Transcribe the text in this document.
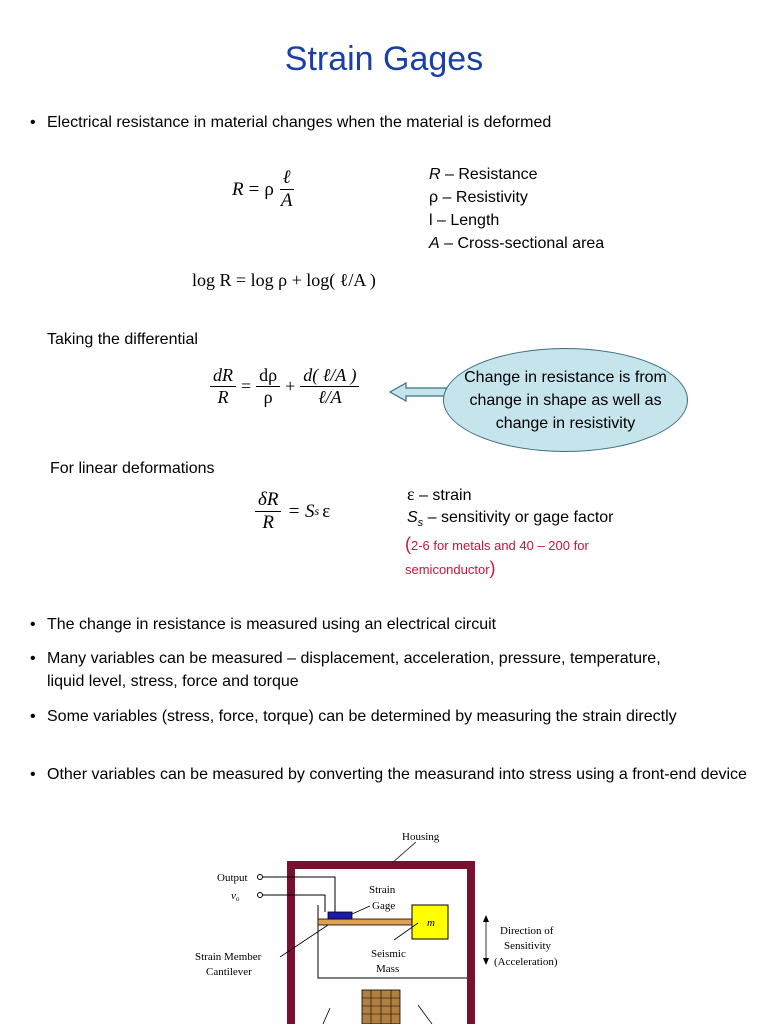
Strain Gages
• Electrical resistance in material changes when the material is deformed
R = ρ $\frac{\text{ℓ}}{A}$	R – Resistance
ρ – Resistivity
l – Length
A – Cross-sectional area
log R = log ρ + log( ℓ/A )
Taking the differential
$\frac{dR}{R} = \frac{d\rho}{\rho} + \frac{\text{d( ℓ/A )}}{\text{ℓ/A}}$	Change in resistance is from change in shape as well as change in resistivity
For linear deformations
$\frac{\delta R}{R} = S$ s ε
ε – strain
$S_s$ – sensitivity or gage factor
(2-6 for metals and 40 – 200 for semiconductor)
• The change in resistance is measured using an electrical circuit
• Many variables can be measured – displacement, acceleration, pressure, temperature, liquid level, stress, force and torque
• Some variables (stress, force, torque) can be determined by measuring the strain directly
• Other variables can be measured by converting the measurand into stress using a front-end device
m
Housing
Output
vo
Strain
Gage
Direction of
Sensitivity
(Acceleration)
Strain Member
Cantilever
Seismic
Mass
